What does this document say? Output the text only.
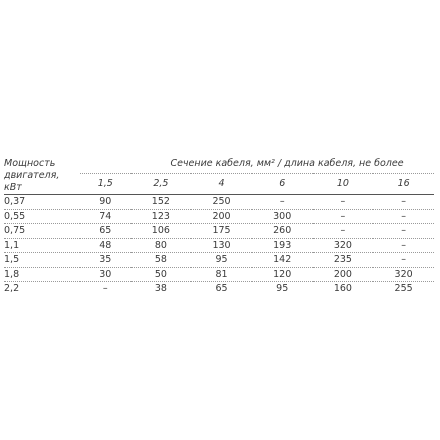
Мощность двигателя, кВт	Сечение кабеля, мм² / длина кабеля, не более					
	1,5	2,5	4	6	10	16
0,37	90	152	250	–	–	–
0,55	74	123	200	300	–	–
0,75	65	106	175	260	–	–
1,1	48	80	130	193	320	–
1,5	35	58	95	142	235	–
1,8	30	50	81	120	200	320
2,2	–	38	65	95	160	255
